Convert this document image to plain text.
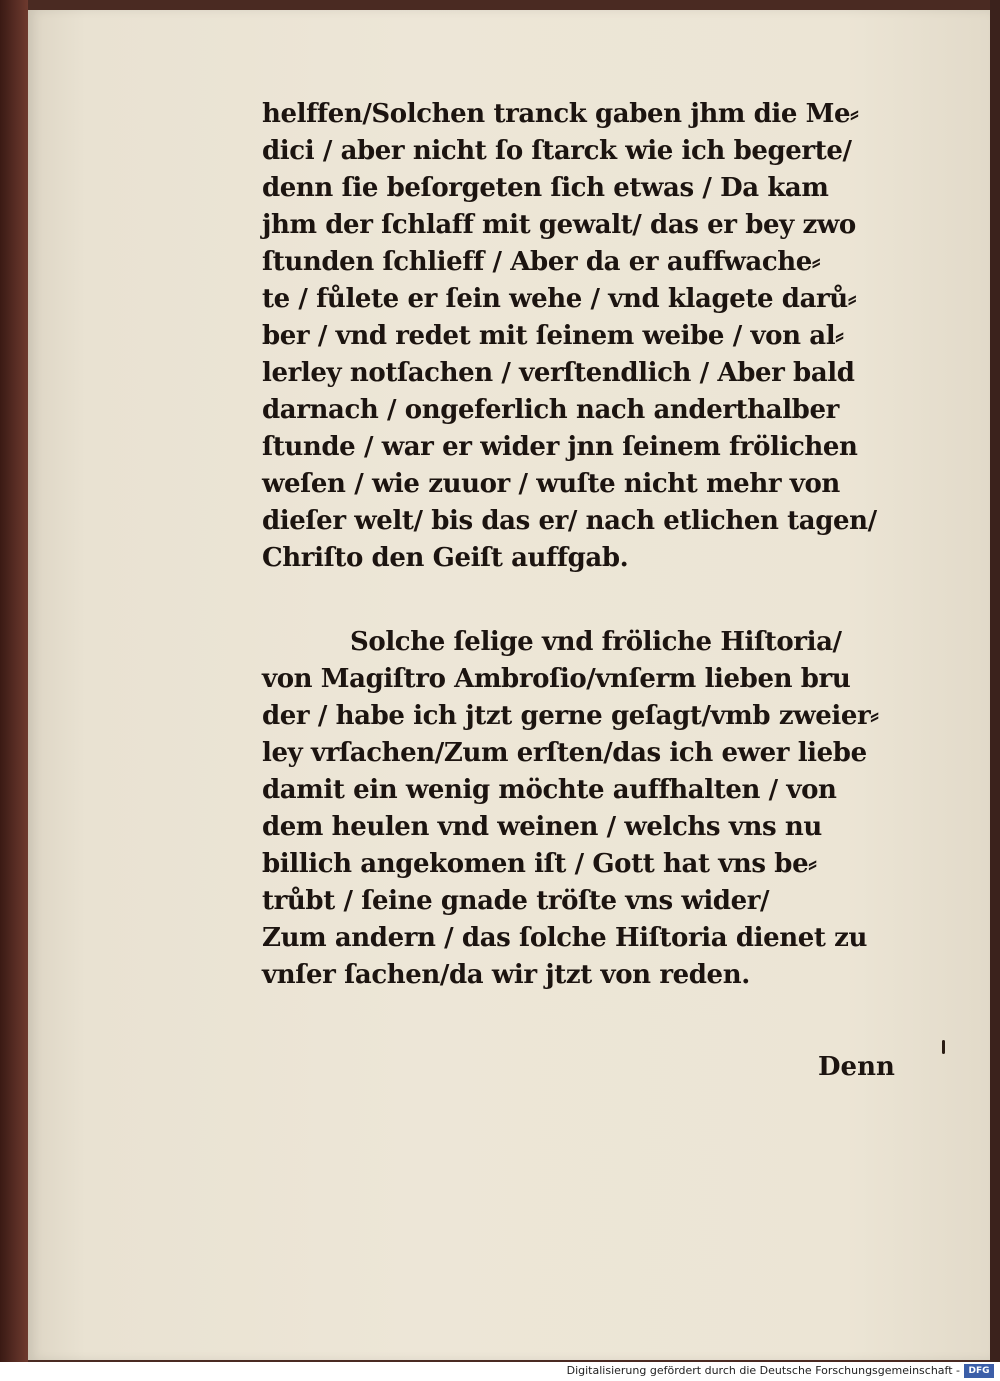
helffen/Solchen tranck gaben jhm die Me⸗
dici / aber nicht ſo ſtarck wie ich begerte/
denn ſie beſorgeten ſich etwas / Da kam
jhm der ſchlaff mit gewalt/ das er bey zwo
ſtunden ſchlieff / Aber da er auffwache⸗
te / fůlete er ſein wehe / vnd klagete darů⸗
ber / vnd redet mit ſeinem weibe / von al⸗
lerley notſachen / verſtendlich / Aber bald
darnach / ongeferlich nach anderthalber
ſtunde / war er wider jnn ſeinem frölichen
weſen / wie zuuor / wuſte nicht mehr von
dieſer welt/ bis das er/ nach etlichen tagen/
Chriſto den Geiſt auffgab.
Solche ſelige vnd fröliche Hiſtoria/
von Magiſtro Ambroſio/vnſerm lieben bru
der / habe ich jtzt gerne geſagt/vmb zweier⸗
ley vrſachen/Zum erſten/das ich ewer liebe
damit ein wenig möchte auffhalten / von
dem heulen vnd weinen / welchs vns nu
billich angekomen iſt / Gott hat vns be⸗
trůbt / ſeine gnade tröſte vns wider/
Zum andern / das ſolche Hiſtoria dienet zu
vnſer ſachen/da wir jtzt von reden.
Denn
Digitalisierung gefördert durch die Deutsche Forschungsgemeinschaft - DFG
